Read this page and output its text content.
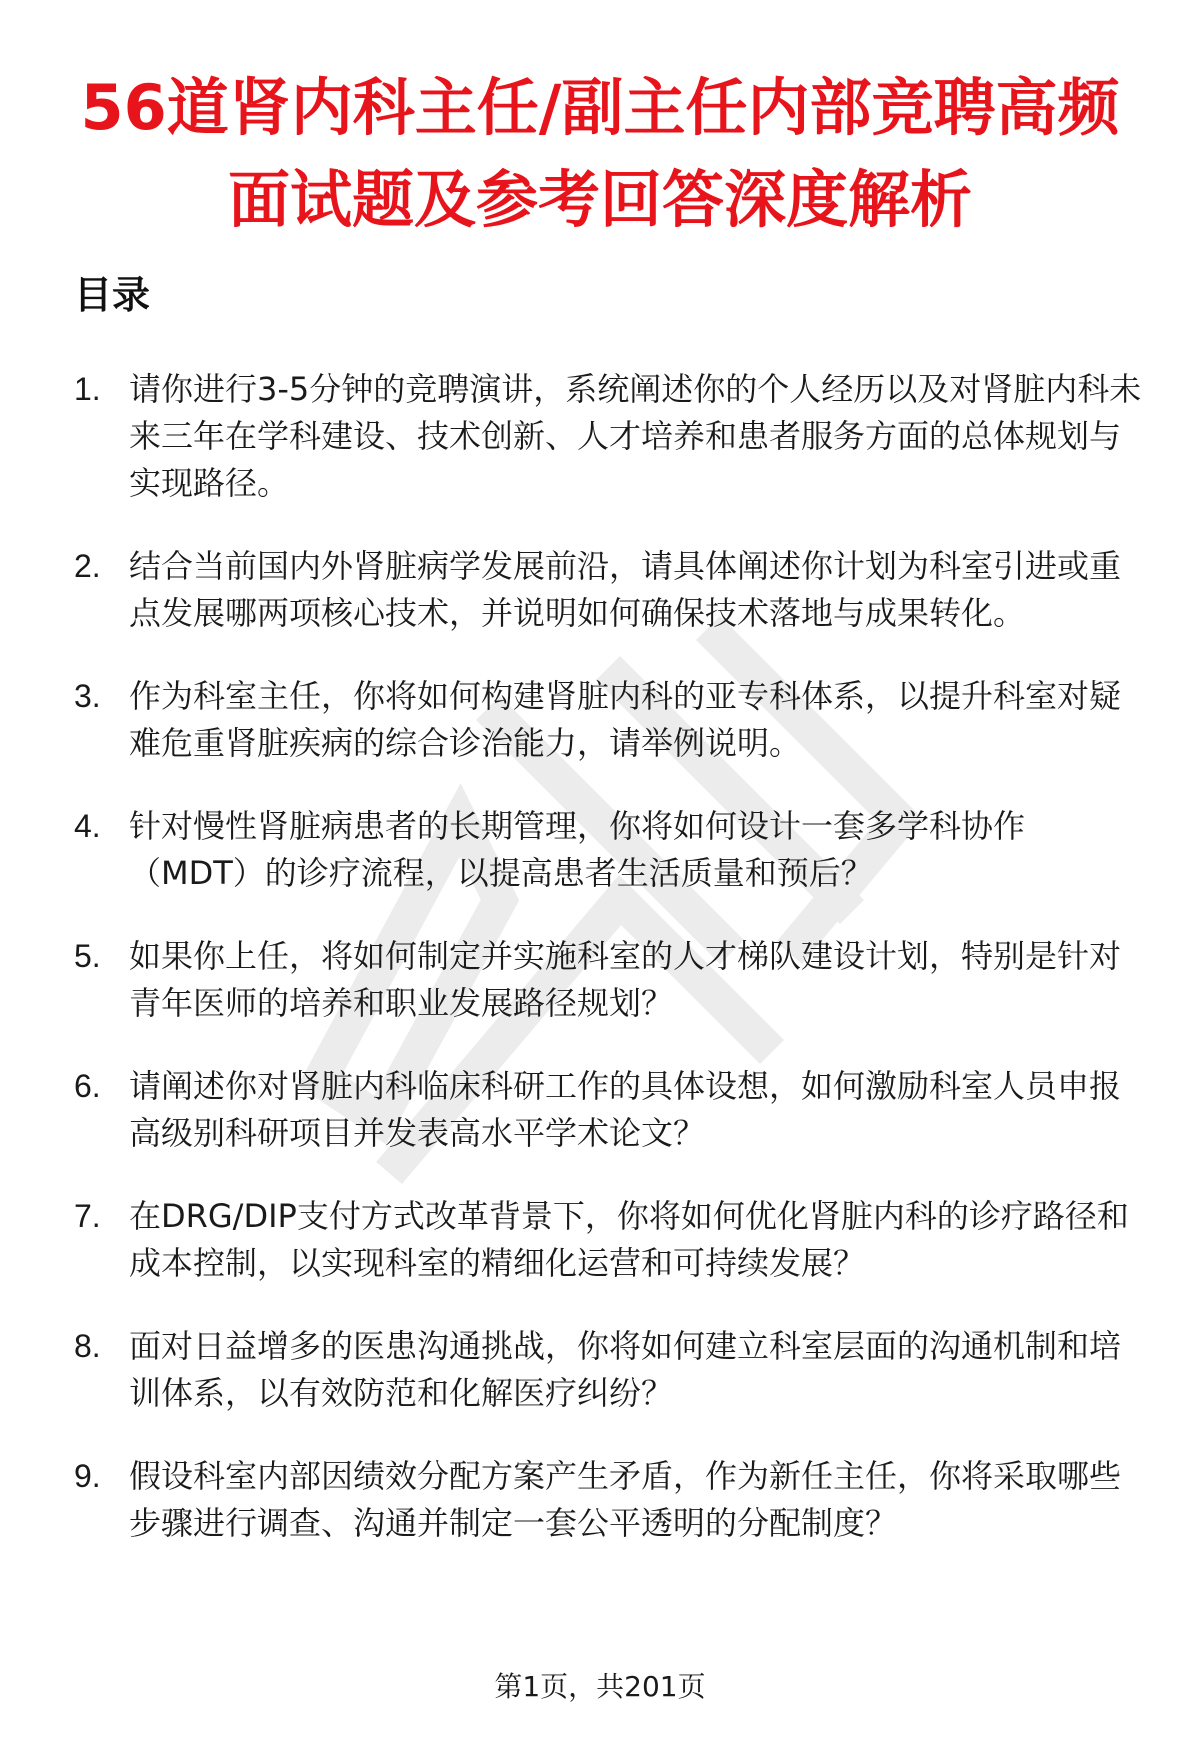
56道肾内科主任/副主任内部竞聘高频面试题及参考回答深度解析
目录
1. 请你进行3-5分钟的竞聘演讲，系统阐述你的个人经历以及对肾脏内科未来三年在学科建设、技术创新、人才培养和患者服务方面的总体规划与实现路径。
2. 结合当前国内外肾脏病学发展前沿，请具体阐述你计划为科室引进或重点发展哪两项核心技术，并说明如何确保技术落地与成果转化。
3. 作为科室主任，你将如何构建肾脏内科的亚专科体系，以提升科室对疑难危重肾脏疾病的综合诊治能力，请举例说明。
4. 针对慢性肾脏病患者的长期管理，你将如何设计一套多学科协作（MDT）的诊疗流程，以提高患者生活质量和预后？
5. 如果你上任，将如何制定并实施科室的人才梯队建设计划，特别是针对青年医师的培养和职业发展路径规划？
6. 请阐述你对肾脏内科临床科研工作的具体设想，如何激励科室人员申报高级别科研项目并发表高水平学术论文？
7. 在DRG/DIP支付方式改革背景下，你将如何优化肾脏内科的诊疗路径和成本控制，以实现科室的精细化运营和可持续发展？
8. 面对日益增多的医患沟通挑战，你将如何建立科室层面的沟通机制和培训体系，以有效防范和化解医疗纠纷？
9. 假设科室内部因绩效分配方案产生矛盾，作为新任主任，你将采取哪些步骤进行调查、沟通并制定一套公平透明的分配制度？
第1页，共201页
